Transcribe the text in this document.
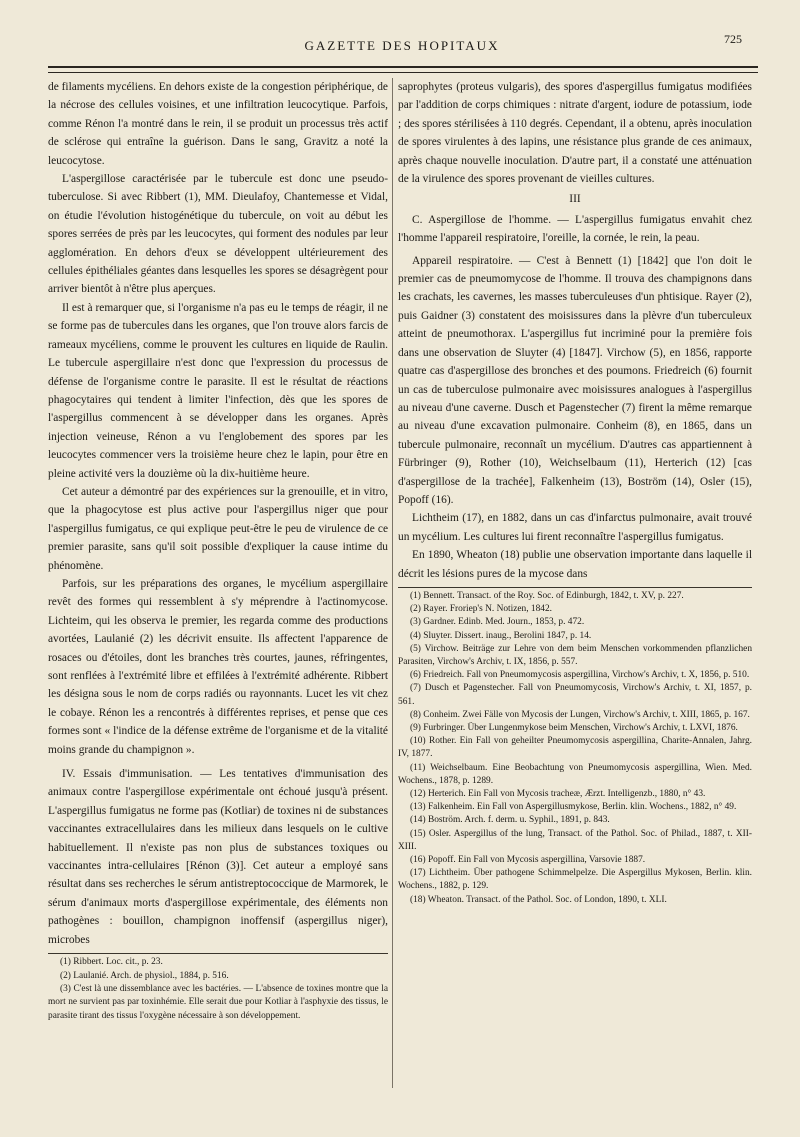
GAZETTE DES HOPITAUX	725

de filaments mycéliens. En dehors existe de la congestion périphérique, de la nécrose des cellules voisines, et une infiltration leucocytique. Parfois, comme Rénon l'a montré dans le rein, il se produit un processus très actif de sclérose qui entraîne la guérison. Dans le sang, Gravitz a noté la leucocytose.

L'aspergillose caractérisée par le tubercule est donc une pseudo-tuberculose. Si avec Ribbert (1), MM. Dieulafoy, Chantemesse et Vidal, on étudie l'évolution histogénétique du tubercule, on voit au début les spores serrées de près par les leucocytes, qui forment des nodules par leur agglomération. En dehors d'eux se développent ultérieurement des cellules épithéliales géantes dans lesquelles les spores se désagrègent pour arriver bientôt à n'être plus aperçues.

Il est à remarquer que, si l'organisme n'a pas eu le temps de réagir, il ne se forme pas de tubercules dans les organes, que l'on trouve alors farcis de rameaux mycéliens, comme le prouvent les cultures en liquide de Raulin. Le tubercule aspergillaire n'est donc que l'expression du processus de défense de l'organisme contre le parasite. Il est le résultat de réactions phagocytaires qui tendent à limiter l'infection, dès que les spores de l'aspergillus commencent à se développer dans les organes. Après injection veineuse, Rénon a vu l'englobement des spores par les leucocytes commencer vers la troisième heure chez le lapin, pour être en pleine activité vers la douzième où la dix-huitième heure.

Cet auteur a démontré par des expériences sur la grenouille, et in vitro, que la phagocytose est plus active pour l'aspergillus niger que pour l'aspergillus fumigatus, ce qui explique peut-être le peu de virulence de ce premier parasite, sans qu'il soit possible d'expliquer la cause intime du phénomène.

Parfois, sur les préparations des organes, le mycélium aspergillaire revêt des formes qui ressemblent à s'y méprendre à l'actinomycose. Lichteim, qui les observa le premier, les regarda comme des productions avortées, Laulanié (2) les décrivit ensuite. Ils affectent l'apparence de rosaces ou d'étoiles, dont les branches très courtes, jaunes, réfringentes, sont renflées à l'extrémité libre et effilées à l'extrémité adhérente. Ribbert les désigna sous le nom de corps radiés ou rayonnants. Lucet les vit chez le cobaye. Rénon les a rencontrés à différentes reprises, et pense que ces formes sont « l'indice de la défense extrême de l'organisme et de la vitalité moins grande du champignon ».

IV. Essais d'immunisation. — Les tentatives d'immunisation des animaux contre l'aspergillose expérimentale ont échoué jusqu'à présent. L'aspergillus fumigatus ne forme pas (Kotliar) de toxines ni de substances vaccinantes extracellulaires dans les milieux dans lesquels on le cultive habituellement. Il n'existe pas non plus de substances toxiques ou vaccinantes intra-cellulaires [Rénon (3)]. Cet auteur a employé sans résultat dans ses recherches le sérum antistreptococcique de Marmorek, le sérum d'animaux morts d'aspergillose expérimentale, des éléments non pathogènes : bouillon, champignon inoffensif (aspergillus niger), microbes

(1) Ribbert. Loc. cit., p. 23.

(2) Laulanié. Arch. de physiol., 1884, p. 516.

(3) C'est là une dissemblance avec les bactéries. — L'absence de toxines montre que la mort ne survient pas par toxinhémie. Elle serait due pour Kotliar à l'asphyxie des tissus, le parasite tirant des tissus l'oxygène nécessaire à son développement.

saprophytes (proteus vulgaris), des spores d'aspergillus fumigatus modifiées par l'addition de corps chimiques : nitrate d'argent, iodure de potassium, iode ; des spores stérilisées à 110 degrés. Cependant, il a obtenu, après inoculation de spores virulentes à des lapins, une résistance plus grande de ces animaux, après chaque nouvelle inoculation. D'autre part, il a constaté une atténuation de la virulence des spores provenant de vieilles cultures.

III

C. Aspergillose de l'homme. — L'aspergillus fumigatus envahit chez l'homme l'appareil respiratoire, l'oreille, la cornée, le rein, la peau.

Appareil respiratoire. — C'est à Bennett (1) [1842] que l'on doit le premier cas de pneumomycose de l'homme. Il trouva des champignons dans les crachats, les cavernes, les masses tuberculeuses d'un phtisique. Rayer (2), puis Gaidner (3) constatent des moisissures dans la plèvre d'un tuberculeux atteint de pneumothorax. L'aspergillus fut incriminé pour la première fois dans une observation de Sluyter (4) [1847]. Virchow (5), en 1856, rapporte quatre cas d'aspergillose des bronches et des poumons. Friedreich (6) fournit un cas de tuberculose pulmonaire avec moisissures analogues à l'aspergillus au niveau d'une caverne. Dusch et Pagenstecher (7) firent la même remarque au niveau d'une excavation pulmonaire. Conheim (8), en 1865, dans un tubercule pulmonaire, reconnaît un mycélium. D'autres cas appartiennent à Fürbringer (9), Rother (10), Weichselbaum (11), Herterich (12) [cas d'aspergillose de la trachée], Falkenheim (13), Boström (14), Osler (15), Popoff (16).

Lichtheim (17), en 1882, dans un cas d'infarctus pulmonaire, avait trouvé un mycélium. Les cultures lui firent reconnaître l'aspergillus fumigatus.

En 1890, Wheaton (18) publie une observation importante dans laquelle il décrit les lésions pures de la mycose dans

(1) Bennett. Transact. of the Roy. Soc. of Edinburgh, 1842, t. XV, p. 227.

(2) Rayer. Froriep's N. Notizen, 1842.

(3) Gardner. Edinb. Med. Journ., 1853, p. 472.

(4) Sluyter. Dissert. inaug., Berolini 1847, p. 14.

(5) Virchow. Beiträge zur Lehre von dem beim Menschen vorkommenden pflanzlichen Parasiten, Virchow's Archiv, t. IX, 1856, p. 557.

(6) Friedreich. Fall von Pneumomycosis aspergillina, Virchow's Archiv, t. X, 1856, p. 510.

(7) Dusch et Pagenstecher. Fall von Pneumomycosis, Virchow's Archiv, t. XI, 1857, p. 561.

(8) Conheim. Zwei Fälle von Mycosis der Lungen, Virchow's Archiv, t. XIII, 1865, p. 167.

(9) Furbringer. Über Lungenmykose beim Menschen, Virchow's Archiv, t. LXVI, 1876.

(10) Rother. Ein Fall von geheilter Pneumomycosis aspergillina, Charite-Annalen, Jahrg. IV, 1877.

(11) Weichselbaum. Eine Beobachtung von Pneumomycosis aspergillina, Wien. Med. Wochens., 1878, p. 1289.

(12) Herterich. Ein Fall von Mycosis tracheæ, Ærzt. Intelligenzb., 1880, n° 43.

(13) Falkenheim. Ein Fall von Aspergillusmykose, Berlin. klin. Wochens., 1882, n° 49.

(14) Boström. Arch. f. derm. u. Syphil., 1891, p. 843.

(15) Osler. Aspergillus of the lung, Transact. of the Pathol. Soc. of Philad., 1887, t. XII-XIII.

(16) Popoff. Ein Fall von Mycosis aspergillina, Varsovie 1887.

(17) Lichtheim. Über pathogene Schimmelpelze. Die Aspergillus Mykosen, Berlin. klin. Wochens., 1882, p. 129.

(18) Wheaton. Transact. of the Pathol. Soc. of London, 1890, t. XLI.
